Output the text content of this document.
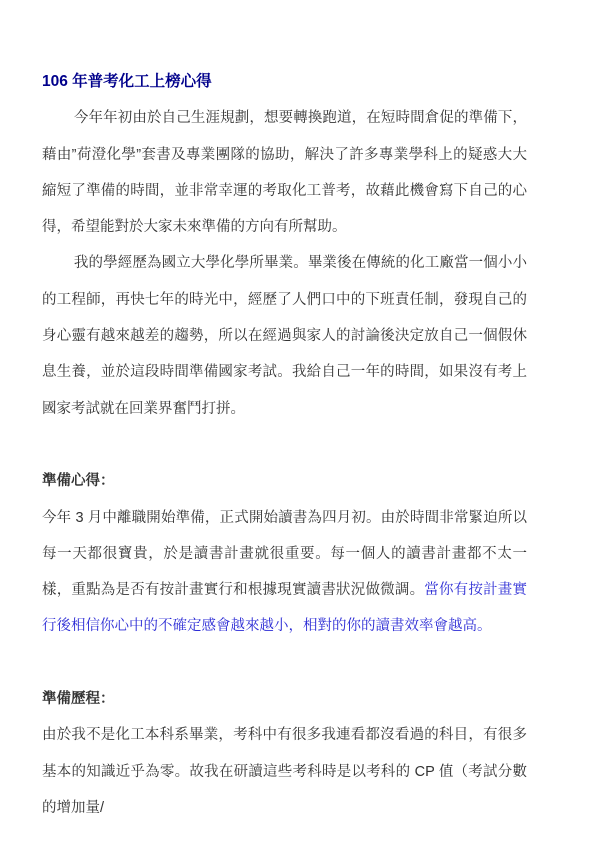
106 年普考化工上榜心得

今年年初由於自己生涯規劃，想要轉換跑道，在短時間倉促的準備下，藉由”荷澄化學”套書及專業團隊的協助，解決了許多專業學科上的疑惑大大縮短了準備的時間，並非常幸運的考取化工普考，故藉此機會寫下自己的心得，希望能對於大家未來準備的方向有所幫助。

我的學經歷為國立大學化學所畢業。畢業後在傳統的化工廠當一個小小的工程師，再快七年的時光中，經歷了人們口中的下班責任制，發現自己的身心靈有越來越差的趨勢，所以在經過與家人的討論後決定放自己一個假休息生養，並於這段時間準備國家考試。我給自己一年的時間，如果沒有考上國家考試就在回業界奮鬥打拼。

準備心得：

今年 3 月中離職開始準備，正式開始讀書為四月初。由於時間非常緊迫所以每一天都很寶貴，於是讀書計畫就很重要。每一個人的讀書計畫都不太一樣，重點為是否有按計畫實行和根據現實讀書狀況做微調。當你有按計畫實行後相信你心中的不確定感會越來越小，相對的你的讀書效率會越高。

準備歷程：

由於我不是化工本科系畢業，考科中有很多我連看都沒看過的科目，有很多基本的知識近乎為零。故我在研讀這些考科時是以考科的 CP 值（考試分數的增加量/
